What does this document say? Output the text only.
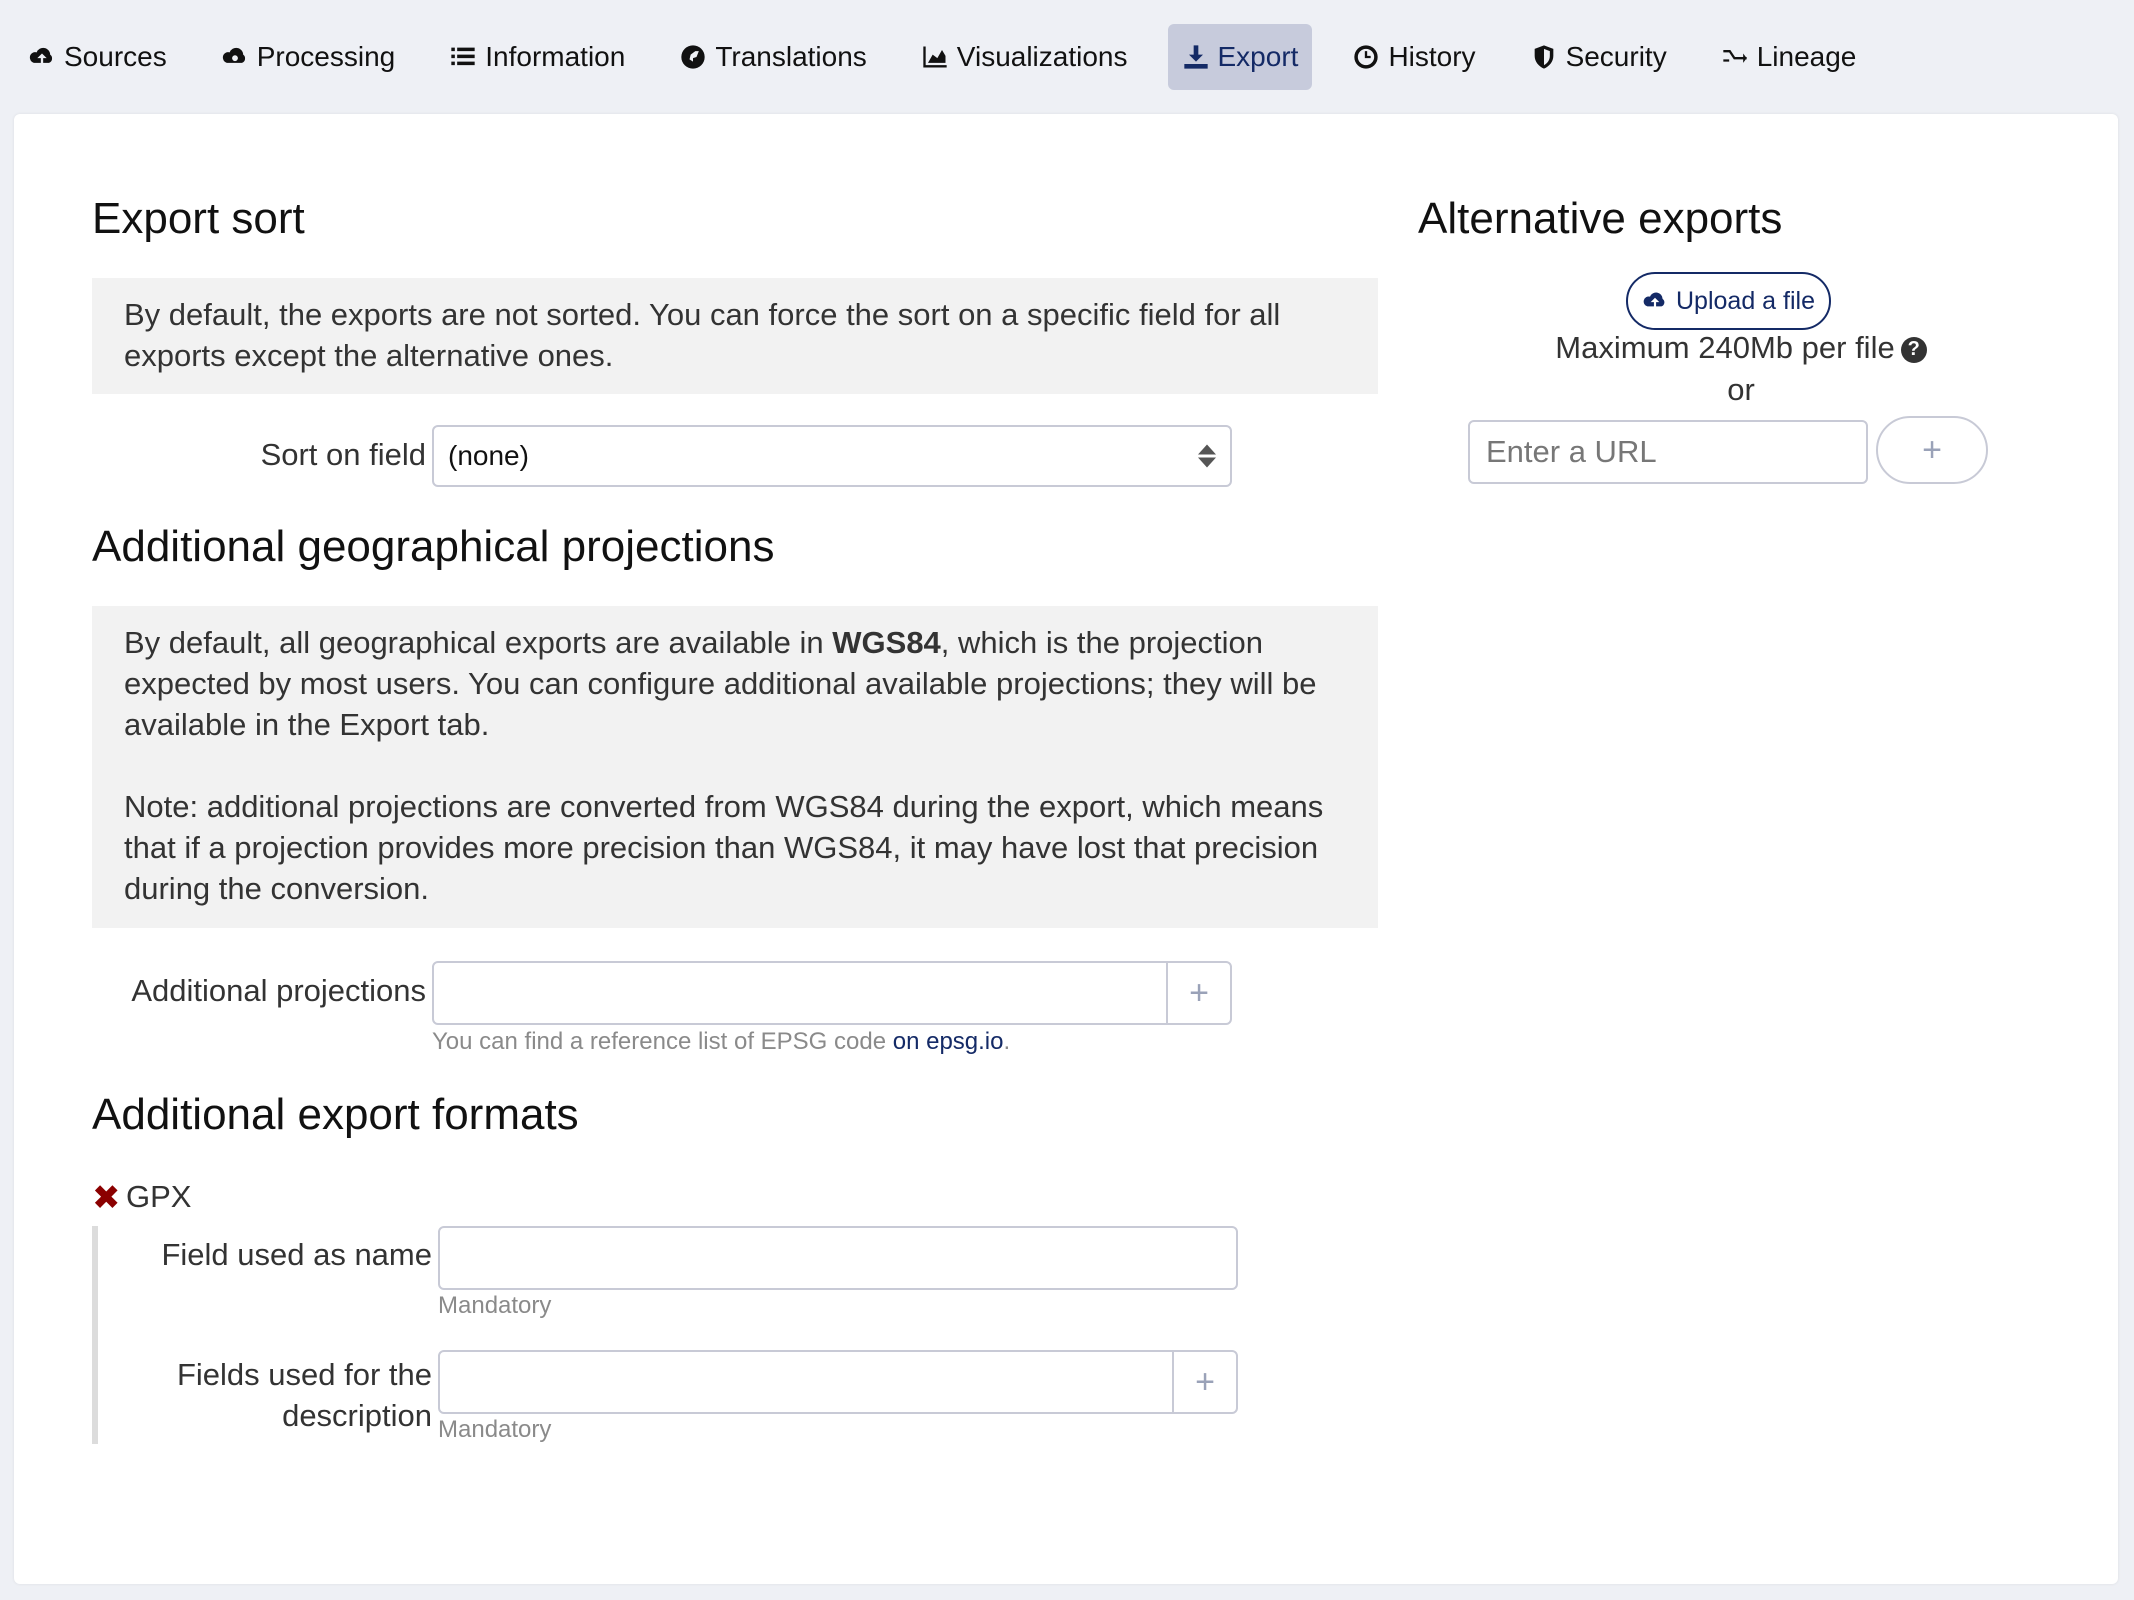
Sources	Processing	Information	Translations	Visualizations	Export	History	Security	Lineage
Export sort
By default, the exports are not sorted. You can force the sort on a specific field for all exports except the alternative ones.
Sort on field (none)
Additional geographical projections
By default, all geographical exports are available in WGS84, which is the projection expected by most users. You can configure additional available projections; they will be available in the Export tab.
Note: additional projections are converted from WGS84 during the export, which means that if a projection provides more precision than WGS84, it may have lost that precision during the conversion.
Additional projections	+
You can find a reference list of EPSG code on epsg.io.
Additional export formats
✖ GPX
Field used as name
Mandatory
Fields used for the
description
+
Mandatory
Alternative exports
Upload a file
Maximum 240Mb per file ?
or
Enter a URL	+
